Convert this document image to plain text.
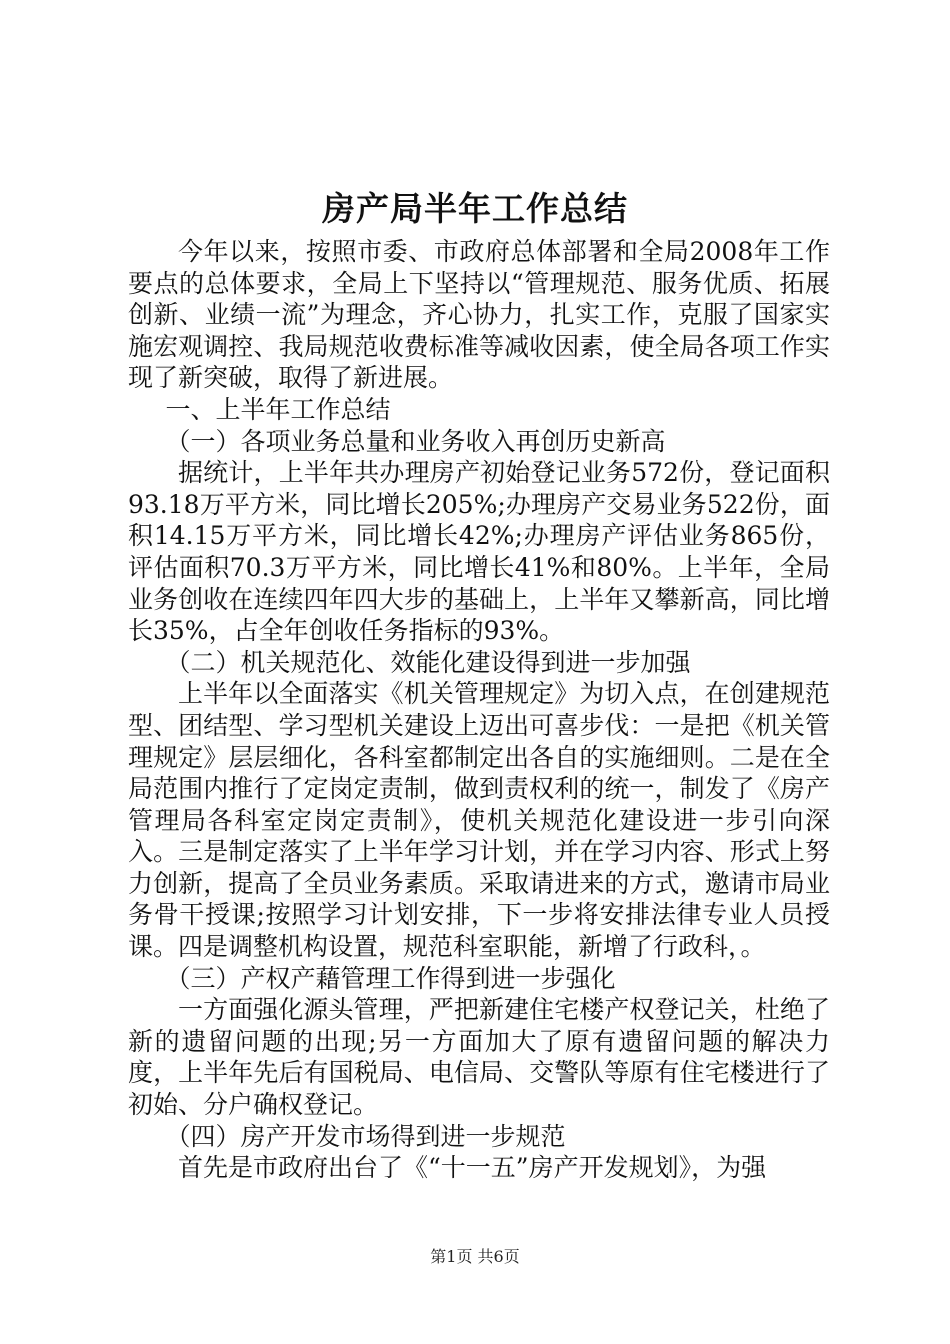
房产局半年工作总结

今年以来，按照市委、市政府总体部署和全局2008年工作要点的总体要求，全局上下坚持以“管理规范、服务优质、拓展创新、业绩一流”为理念，齐心协力，扎实工作，克服了国家实施宏观调控、我局规范收费标准等减收因素，使全局各项工作实现了新突破，取得了新进展。

一、上半年工作总结

（一）各项业务总量和业务收入再创历史新高

据统计，上半年共办理房产初始登记业务572份，登记面积93.18万平方米，同比增长205%;办理房产交易业务522份，面积14.15万平方米，同比增长42%;办理房产评估业务865份，评估面积70.3万平方米，同比增长41%和80%。上半年，全局业务创收在连续四年四大步的基础上，上半年又攀新高，同比增长35%，占全年创收任务指标的93%。

（二）机关规范化、效能化建设得到进一步加强

上半年以全面落实《机关管理规定》为切入点，在创建规范型、团结型、学习型机关建设上迈出可喜步伐：一是把《机关管理规定》层层细化，各科室都制定出各自的实施细则。二是在全局范围内推行了定岗定责制，做到责权利的统一，制发了《房产管理局各科室定岗定责制》，使机关规范化建设进一步引向深入。三是制定落实了上半年学习计划，并在学习内容、形式上努力创新，提高了全员业务素质。采取请进来的方式，邀请市局业务骨干授课;按照学习计划安排，下一步将安排法律专业人员授课。四是调整机构设置，规范科室职能，新增了行政科，。

（三）产权产藉管理工作得到进一步强化

一方面强化源头管理，严把新建住宅楼产权登记关，杜绝了新的遗留问题的出现;另一方面加大了原有遗留问题的解决力度，上半年先后有国税局、电信局、交警队等原有住宅楼进行了初始、分户确权登记。

（四）房产开发市场得到进一步规范

首先是市政府出台了《“十一五”房产开发规划》，为强

第1页 共6页
